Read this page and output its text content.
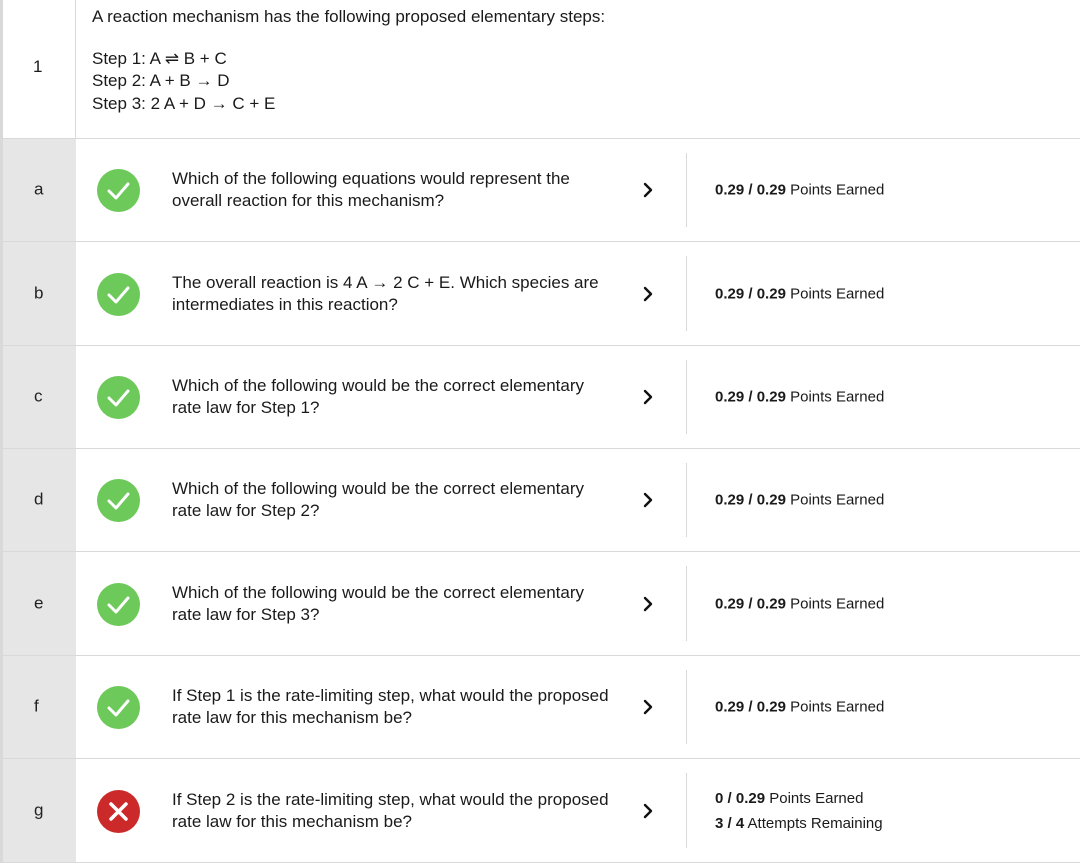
1

A reaction mechanism has the following proposed elementary steps:

Step 1: A ⇌ B + C

Step 2: A + B → D

Step 3: 2 A + D → C + E

a
Which of the following equations would represent the overall reaction for this mechanism?
0.29 / 0.29 Points Earned
b
The overall reaction is 4 A → 2 C + E. Which species are intermediates in this reaction?
0.29 / 0.29 Points Earned
c
Which of the following would be the correct elementary rate law for Step 1?
0.29 / 0.29 Points Earned
d
Which of the following would be the correct elementary rate law for Step 2?
0.29 / 0.29 Points Earned
e
Which of the following would be the correct elementary rate law for Step 3?
0.29 / 0.29 Points Earned
f
If Step 1 is the rate-limiting step, what would the proposed rate law for this mechanism be?
0.29 / 0.29 Points Earned
g
If Step 2 is the rate-limiting step, what would the proposed rate law for this mechanism be?
0 / 0.29 Points Earned
3 / 4 Attempts Remaining
